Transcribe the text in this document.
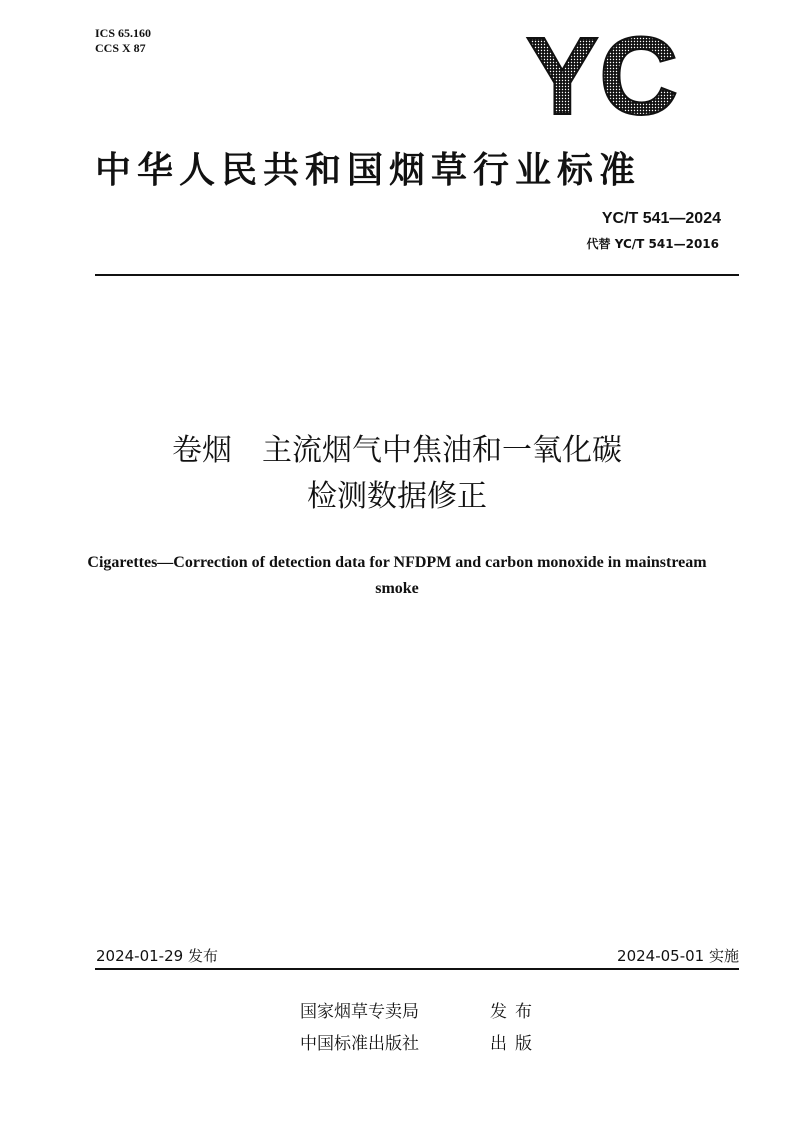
ICS 65.160
CCS X 87	YC
中华人民共和国烟草行业标准
YC/T 541—2024
代替 YC/T 541—2016
卷烟　主流烟气中焦油和一氧化碳
检测数据修正
Cigarettes—Correction of detection data for NFDPM and carbon monoxide in mainstream smoke
2024-01-29 发布	2024-05-01 实施
国家烟草专卖局	发布
中国标准出版社	出版
